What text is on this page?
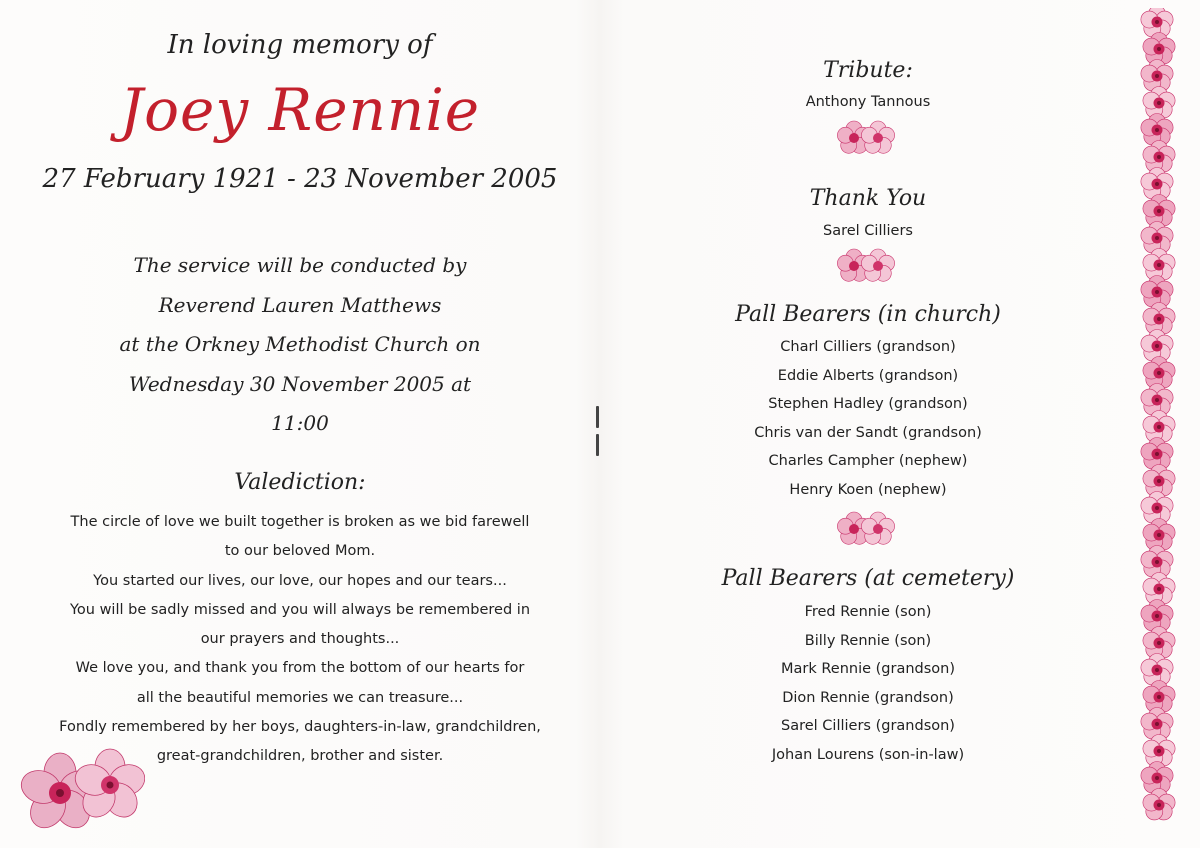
In loving memory of
Joey Rennie
27 February 1921 - 23 November 2005
The service will be conducted by
Reverend Lauren Matthews
at the Orkney Methodist Church on
Wednesday 30 November 2005 at
11:00
Valediction:
The circle of love we built together is broken as we bid farewell
to our beloved Mom.
You started our lives, our love, our hopes and our tears...
You will be sadly missed and you will always be remembered in
our prayers and thoughts...
We love you, and thank you from the bottom of our hearts for
all the beautiful memories we can treasure...
Fondly remembered by her boys, daughters-in-law, grandchildren,
great-grandchildren, brother and sister.
Tribute:
Anthony Tannous
Thank You
Sarel Cilliers
Pall Bearers (in church)
Charl Cilliers (grandson)
Eddie Alberts (grandson)
Stephen Hadley (grandson)
Chris van der Sandt (grandson)
Charles Campher (nephew)
Henry Koen (nephew)
Pall Bearers (at cemetery)
Fred Rennie (son)
Billy Rennie (son)
Mark Rennie (grandson)
Dion Rennie (grandson)
Sarel Cilliers (grandson)
Johan Lourens (son-in-law)
